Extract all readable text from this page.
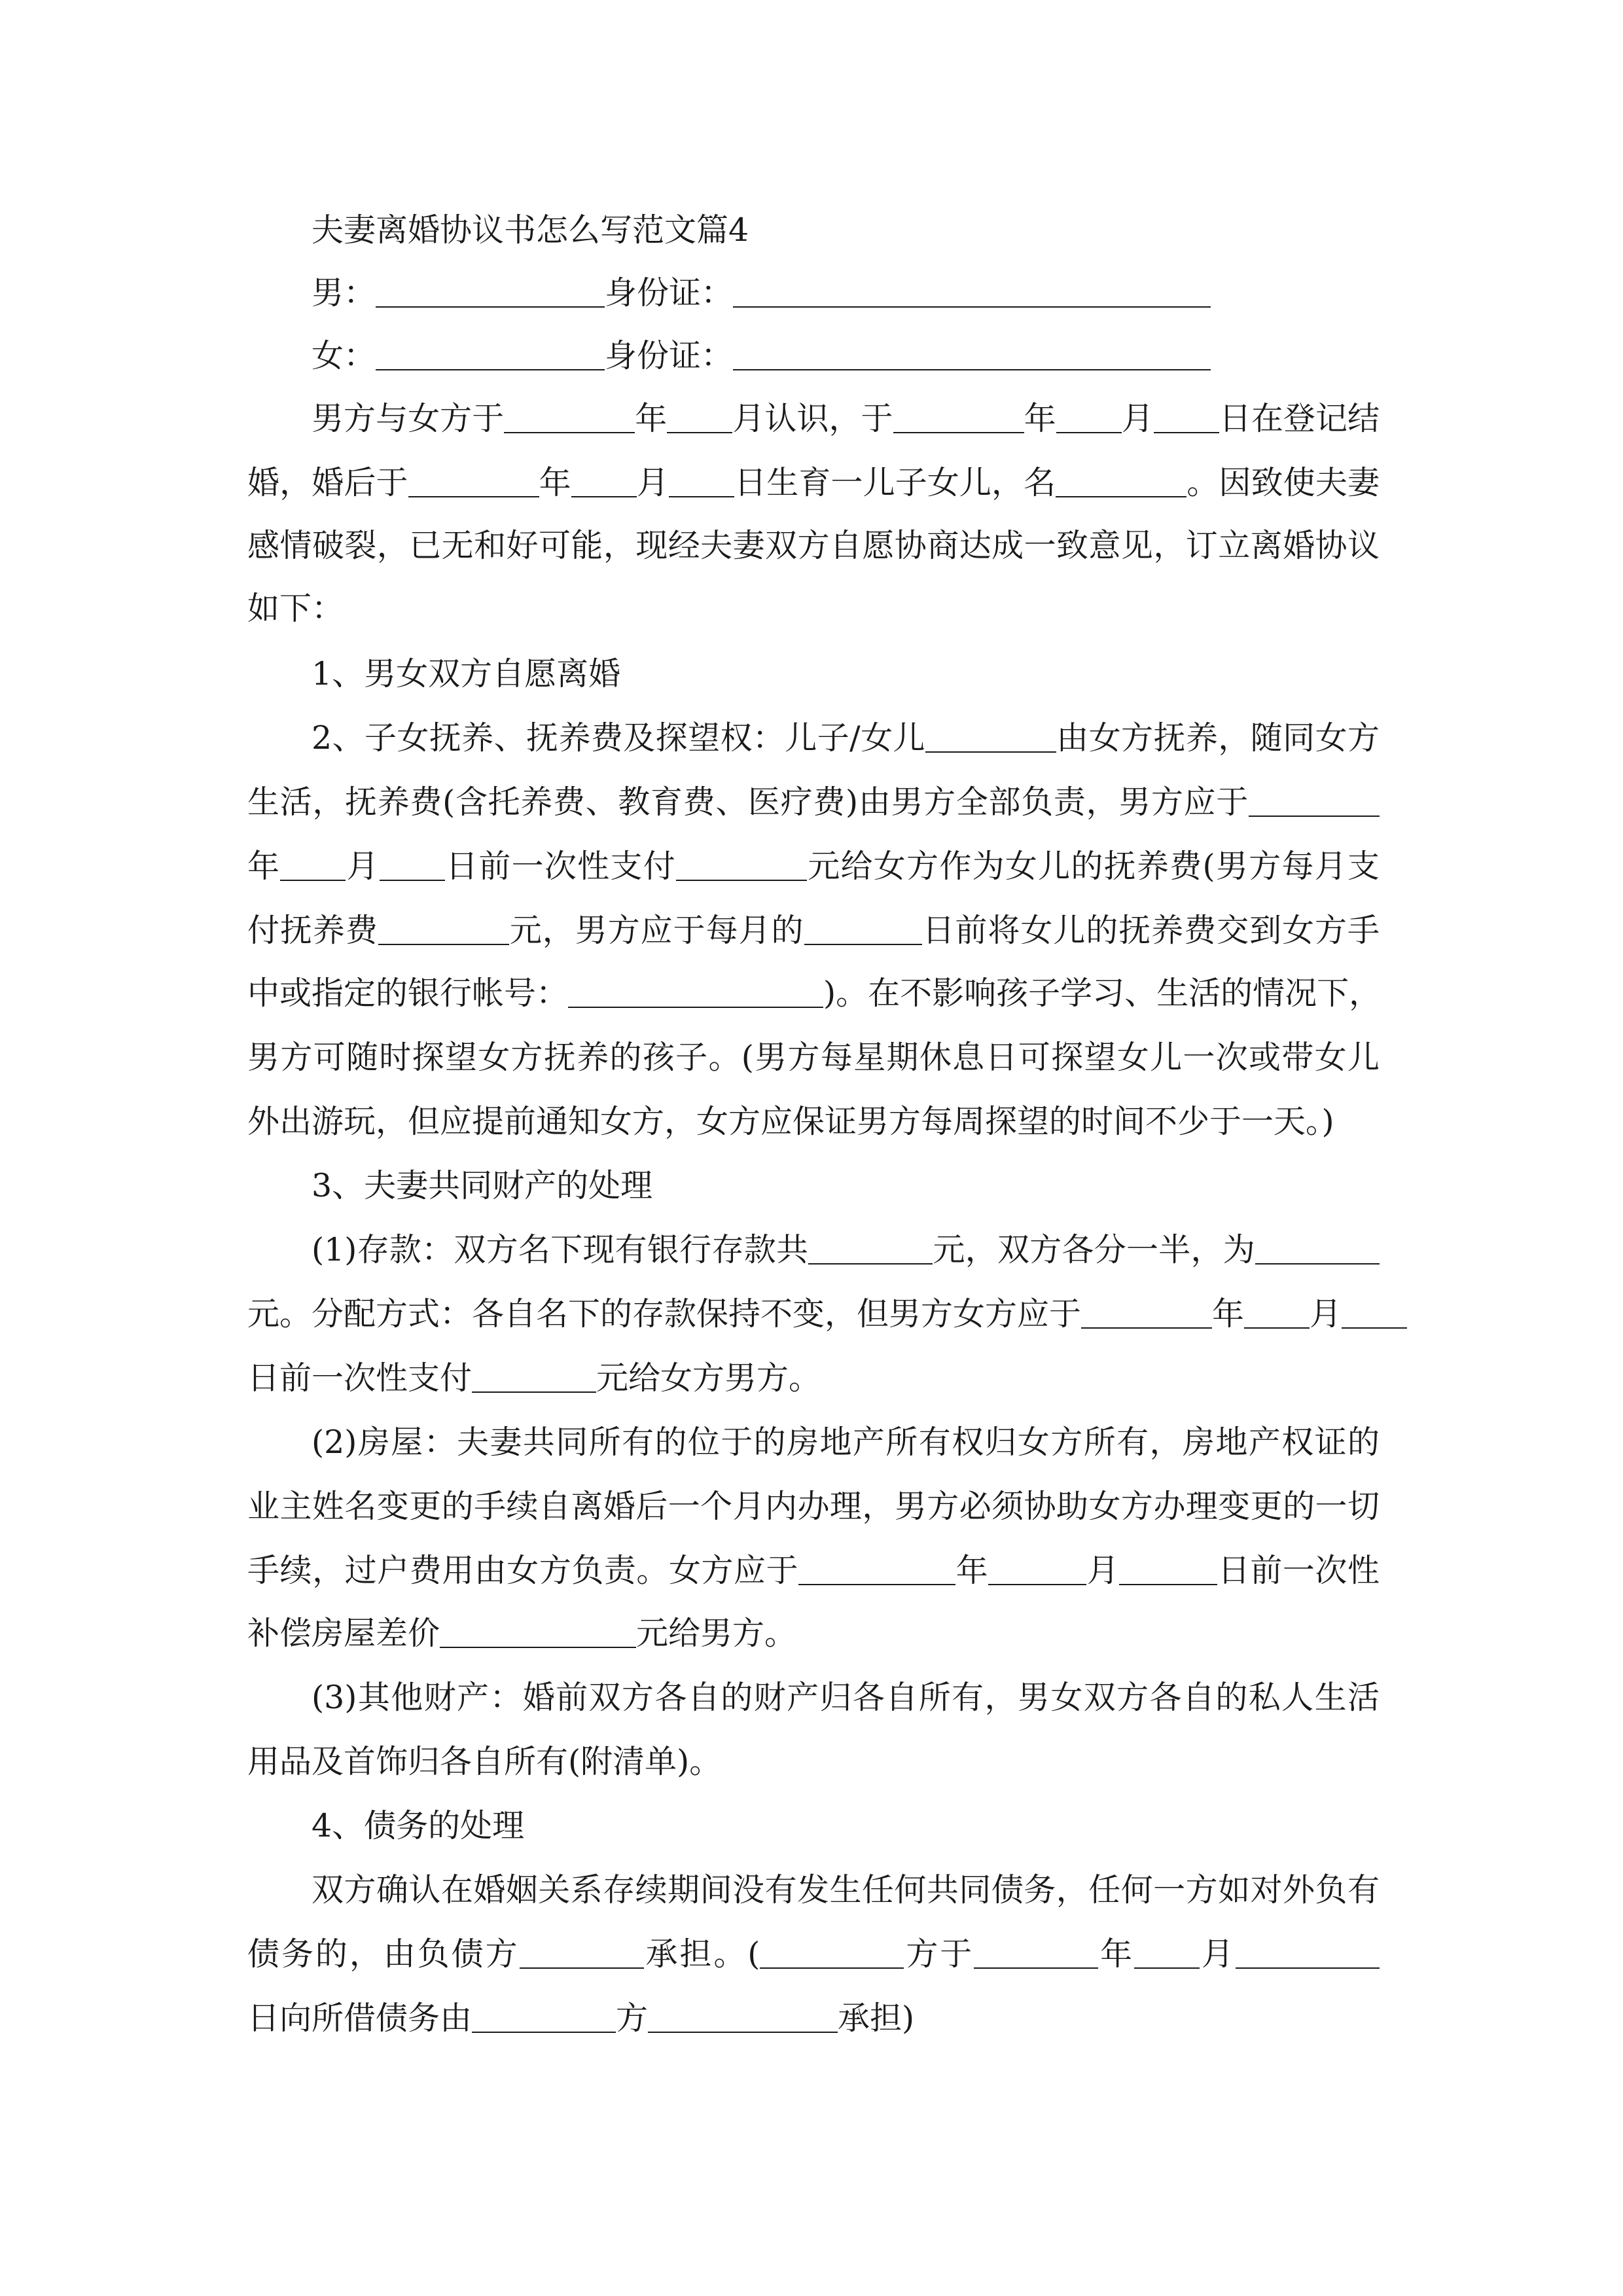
夫妻离婚协议书怎么写范文篇4
男：	身份证：
女：	身份证：
男方与女方于	年 月认识，于	年 月 日在登记结
婚，婚后于	年 月 日生育一儿子女儿，名	。因致使夫妻
感情破裂，已无和好可能，现经夫妻双方自愿协商达成一致意见，订立离婚协议
如下：
1、男女双方自愿离婚
2、子女抚养、抚养费及探望权：儿子/女儿	由女方抚养，随同女方
生活，抚养费(含托养费、教育费、医疗费)由男方全部负责，男方应于
年 月 日前一次性支付	元给女方作为女儿的抚养费(男方每月支
付抚养费	元，男方应于每月的	日前将女儿的抚养费交到女方手
中或指定的银行帐号：	)。在不影响孩子学习、生活的情况下，
男方可随时探望女方抚养的孩子。(男方每星期休息日可探望女儿一次或带女儿
外出游玩，但应提前通知女方，女方应保证男方每周探望的时间不少于一天。)
3、夫妻共同财产的处理
(1)存款：双方名下现有银行存款共	元，双方各分一半，为
元。分配方式：各自名下的存款保持不变，但男方女方应于	年 月
日前一次性支付	元给女方男方。
(2)房屋：夫妻共同所有的位于的房地产所有权归女方所有，房地产权证的
业主姓名变更的手续自离婚后一个月内办理，男方必须协助女方办理变更的一切
手续，过户费用由女方负责。女方应于	年	月	日前一次性
补偿房屋差价	元给男方。
(3)其他财产：婚前双方各自的财产归各自所有，男女双方各自的私人生活
用品及首饰归各自所有(附清单)。
4、债务的处理
双方确认在婚姻关系存续期间没有发生任何共同债务，任何一方如对外负有
债务的，由负债方	承担。(	方于	年 月
日向所借债务由	方	承担)
